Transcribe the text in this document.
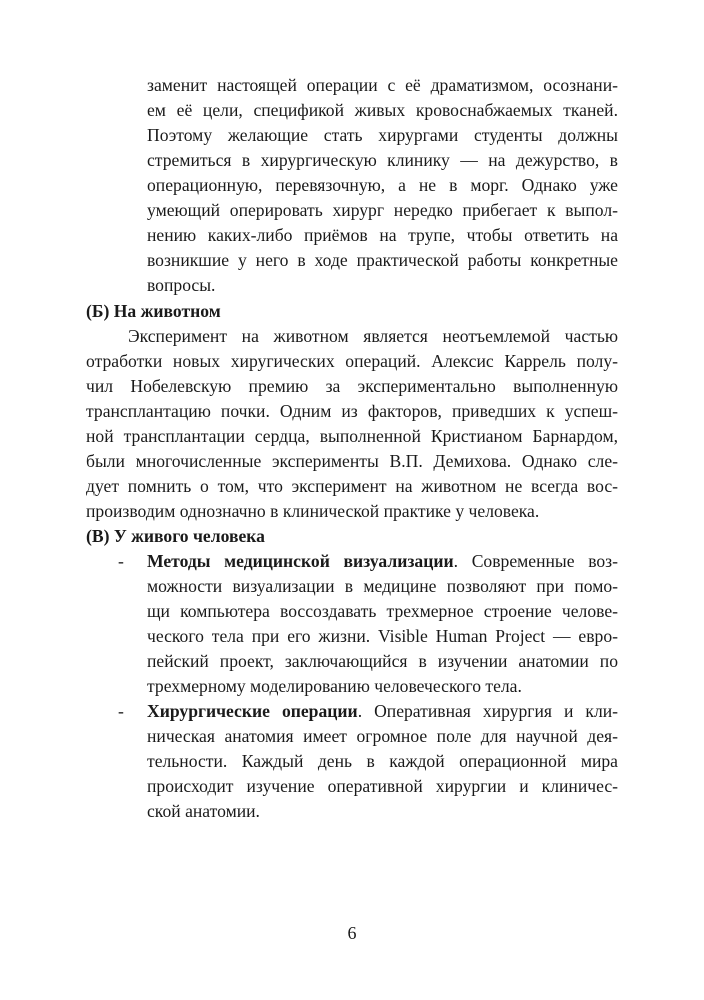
заменит настоящей операции с её драматизмом, осознани-
ем её цели, спецификой живых кровоснабжаемых тканей.
Поэтому желающие стать хирургами студенты должны
стремиться в хирургическую клинику — на дежурство, в
операционную, перевязочную, а не в морг. Однако уже
умеющий оперировать хирург нередко прибегает к выпол-
нению каких-либо приёмов на трупе, чтобы ответить на
возникшие у него в ходе практической работы конкретные
вопросы.
(Б) На животном
Эксперимент на животном является неотъемлемой частью
отработки новых хиругических операций. Алексис Каррель полу-
чил Нобелевскую премию за экспериментально выполненную
трансплантацию почки. Одним из факторов, приведших к успеш-
ной трансплантации сердца, выполненной Кристианом Барнардом,
были многочисленные эксперименты В.П. Демихова. Однако сле-
дует помнить о том, что эксперимент на животном не всегда вос-
производим однозначно в клинической практике у человека.
(В) У живого человека
- Методы медицинской визуализации. Современные воз-
можности визуализации в медицине позволяют при помо-
щи компьютера воссоздавать трехмерное строение челове-
ческого тела при его жизни. Visible Human Project — евро-
пейский проект, заключающийся в изучении анатомии по
трехмерному моделированию человеческого тела.
- Хирургические операции. Оперативная хирургия и кли-
ническая анатомия имеет огромное поле для научной дея-
тельности. Каждый день в каждой операционной мира
происходит изучение оперативной хирургии и клиничес-
ской анатомии.
6
